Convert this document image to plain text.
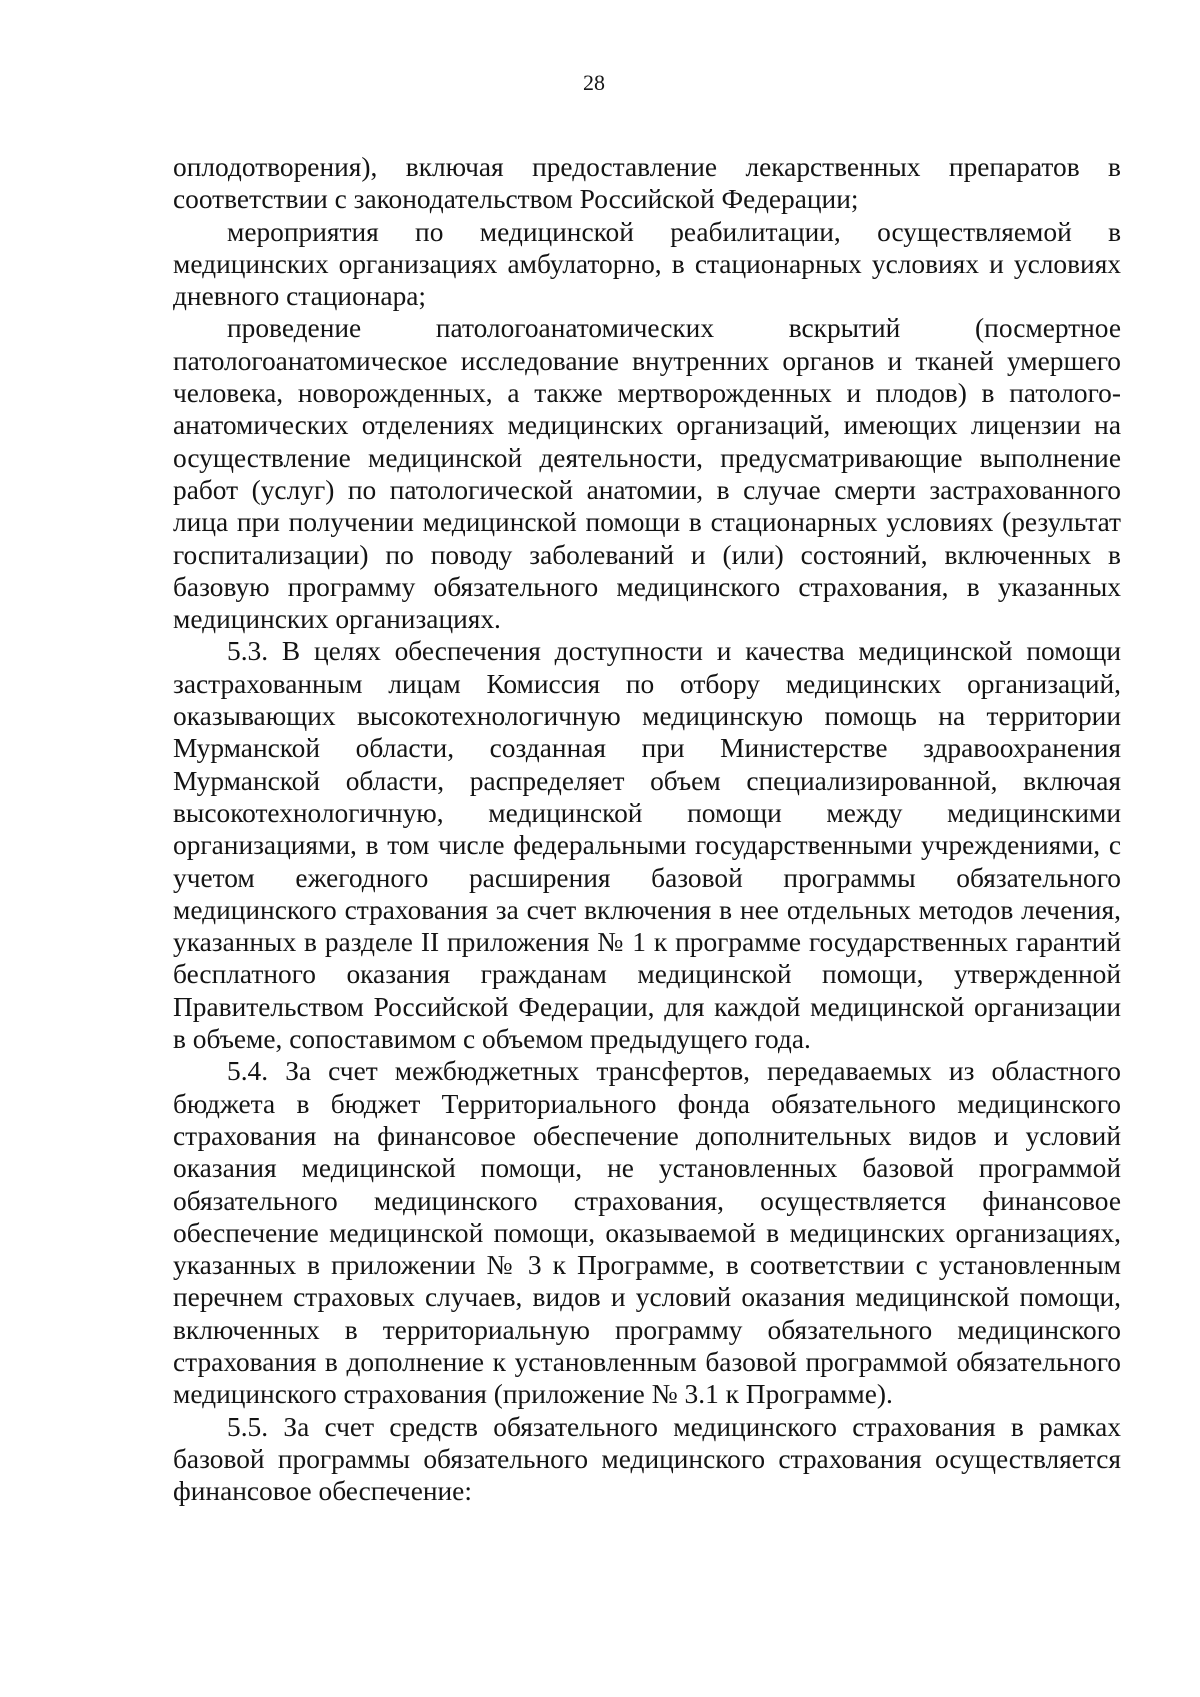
28

оплодотворения), включая предоставление лекарственных препаратов в соответствии с законодательством Российской Федерации;

мероприятия по медицинской реабилитации, осуществляемой в медицинских организациях амбулаторно, в стационарных условиях и условиях дневного стационара;

проведение патологоанатомических вскрытий (посмертное патологоанатомическое исследование внутренних органов и тканей умершего человека, новорожденных, а также мертворожденных и плодов) в патолого-анатомических отделениях медицинских организаций, имеющих лицензии на осуществление медицинской деятельности, предусматривающие выполнение работ (услуг) по патологической анатомии, в случае смерти застрахованного лица при получении медицинской помощи в стационарных условиях (результат госпитализации) по поводу заболеваний и (или) состояний, включенных в базовую программу обязательного медицинского страхования, в указанных медицинских организациях.

5.3. В целях обеспечения доступности и качества медицинской помощи застрахованным лицам Комиссия по отбору медицинских организаций, оказывающих высокотехнологичную медицинскую помощь на территории Мурманской области, созданная при Министерстве здравоохранения Мурманской области, распределяет объем специализированной, включая высокотехнологичную, медицинской помощи между медицинскими организациями, в том числе федеральными государственными учреждениями, с учетом ежегодного расширения базовой программы обязательного медицинского страхования за счет включения в нее отдельных методов лечения, указанных в разделе II приложения № 1 к программе государственных гарантий бесплатного оказания гражданам медицинской помощи, утвержденной Правительством Российской Федерации, для каждой медицинской организации в объеме, сопоставимом с объемом предыдущего года.

5.4. За счет межбюджетных трансфертов, передаваемых из областного бюджета в бюджет Территориального фонда обязательного медицинского страхования на финансовое обеспечение дополнительных видов и условий оказания медицинской помощи, не установленных базовой программой обязательного медицинского страхования, осуществляется финансовое обеспечение медицинской помощи, оказываемой в медицинских организациях, указанных в приложении № 3 к Программе, в соответствии с установленным перечнем страховых случаев, видов и условий оказания медицинской помощи, включенных в территориальную программу обязательного медицинского страхования в дополнение к установленным базовой программой обязательного медицинского страхования (приложение № 3.1 к Программе).

5.5. За счет средств обязательного медицинского страхования в рамках базовой программы обязательного медицинского страхования осуществляется финансовое обеспечение:
